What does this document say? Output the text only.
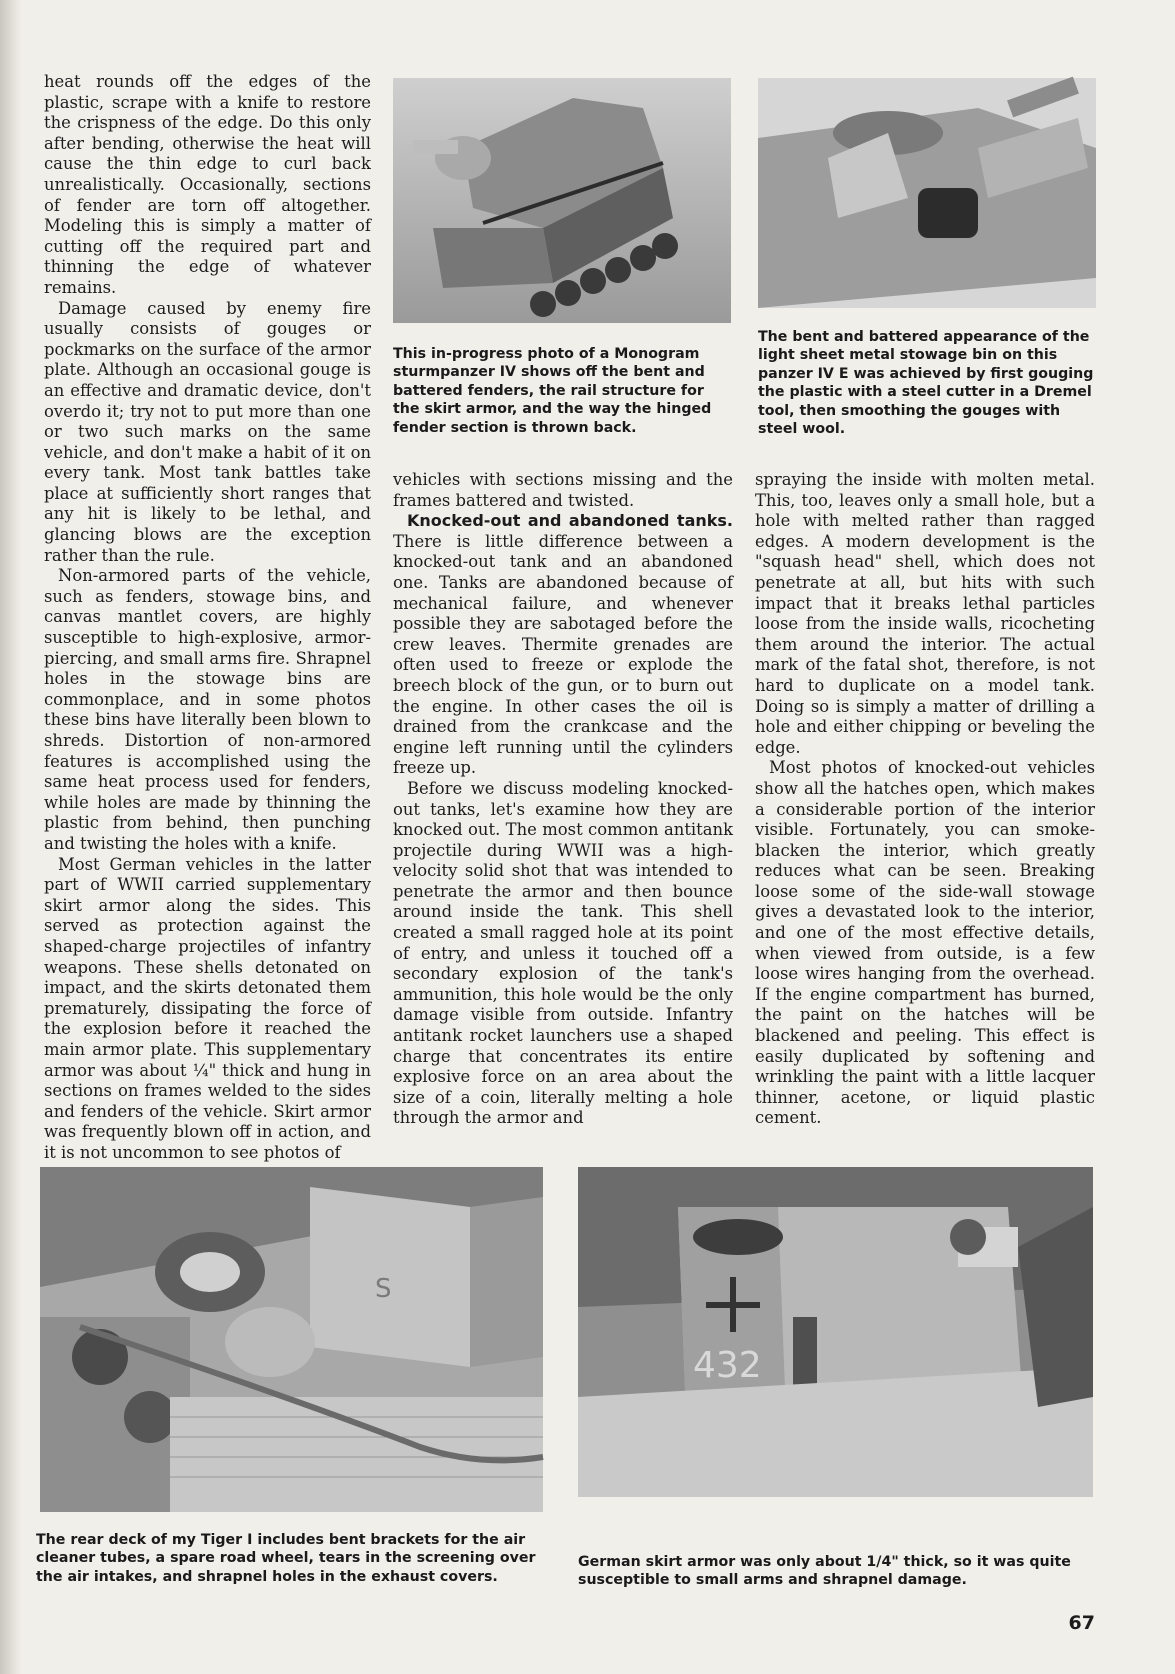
heat rounds off the edges of the plastic, scrape with a knife to restore the crispness of the edge. Do this only after bending, otherwise the heat will cause the thin edge to curl back unrealistically. Occasionally, sections of fender are torn off altogether. Modeling this is simply a matter of cutting off the required part and thinning the edge of whatever remains.

Damage caused by enemy fire usually consists of gouges or pockmarks on the surface of the armor plate. Although an occasional gouge is an effective and dramatic device, don't overdo it; try not to put more than one or two such marks on the same vehicle, and don't make a habit of it on every tank. Most tank battles take place at sufficiently short ranges that any hit is likely to be lethal, and glancing blows are the exception rather than the rule.

Non-armored parts of the vehicle, such as fenders, stowage bins, and canvas mantlet covers, are highly susceptible to high-explosive, armor-piercing, and small arms fire. Shrapnel holes in the stowage bins are commonplace, and in some photos these bins have literally been blown to shreds. Distortion of non-armored features is accomplished using the same heat process used for fenders, while holes are made by thinning the plastic from behind, then punching and twisting the holes with a knife.

Most German vehicles in the latter part of WWII carried supplementary skirt armor along the sides. This served as protection against the shaped-charge projectiles of infantry weapons. These shells detonated on impact, and the skirts detonated them prematurely, dissipating the force of the explosion before it reached the main armor plate. This supplementary armor was about ¼" thick and hung in sections on frames welded to the sides and fenders of the vehicle. Skirt armor was frequently blown off in action, and it is not uncommon to see photos of

This in-progress photo of a Monogram sturmpanzer IV shows off the bent and battered fenders, the rail structure for the skirt armor, and the way the hinged fender section is thrown back.
The bent and battered appearance of the light sheet metal stowage bin on this panzer IV E was achieved by first gouging the plastic with a steel cutter in a Dremel tool, then smoothing the gouges with steel wool.

vehicles with sections missing and the frames battered and twisted.

Knocked-out and abandoned tanks. There is little difference between a knocked-out tank and an abandoned one. Tanks are abandoned because of mechanical failure, and whenever possible they are sabotaged before the crew leaves. Thermite grenades are often used to freeze or explode the breech block of the gun, or to burn out the engine. In other cases the oil is drained from the crankcase and the engine left running until the cylinders freeze up.

Before we discuss modeling knocked-out tanks, let's examine how they are knocked out. The most common antitank projectile during WWII was a high-velocity solid shot that was intended to penetrate the armor and then bounce around inside the tank. This shell created a small ragged hole at its point of entry, and unless it touched off a secondary explosion of the tank's ammunition, this hole would be the only damage visible from outside. Infantry antitank rocket launchers use a shaped charge that concentrates its entire explosive force on an area about the size of a coin, literally melting a hole through the armor and

spraying the inside with molten metal. This, too, leaves only a small hole, but a hole with melted rather than ragged edges. A modern development is the "squash head" shell, which does not penetrate at all, but hits with such impact that it breaks lethal particles loose from the inside walls, ricocheting them around the interior. The actual mark of the fatal shot, therefore, is not hard to duplicate on a model tank. Doing so is simply a matter of drilling a hole and either chipping or beveling the edge.

Most photos of knocked-out vehicles show all the hatches open, which makes a considerable portion of the interior visible. Fortunately, you can smoke-blacken the interior, which greatly reduces what can be seen. Breaking loose some of the side-wall stowage gives a devastated look to the interior, and one of the most effective details, when viewed from outside, is a few loose wires hanging from the overhead. If the engine compartment has burned, the paint on the hatches will be blackened and peeling. This effect is easily duplicated by softening and wrinkling the paint with a little lacquer thinner, acetone, or liquid plastic cement.

S
432
The rear deck of my Tiger I includes bent brackets for the air cleaner tubes, a spare road wheel, tears in the screening over the air intakes, and shrapnel holes in the exhaust covers.
German skirt armor was only about 1/4" thick, so it was quite susceptible to small arms and shrapnel damage.
67
